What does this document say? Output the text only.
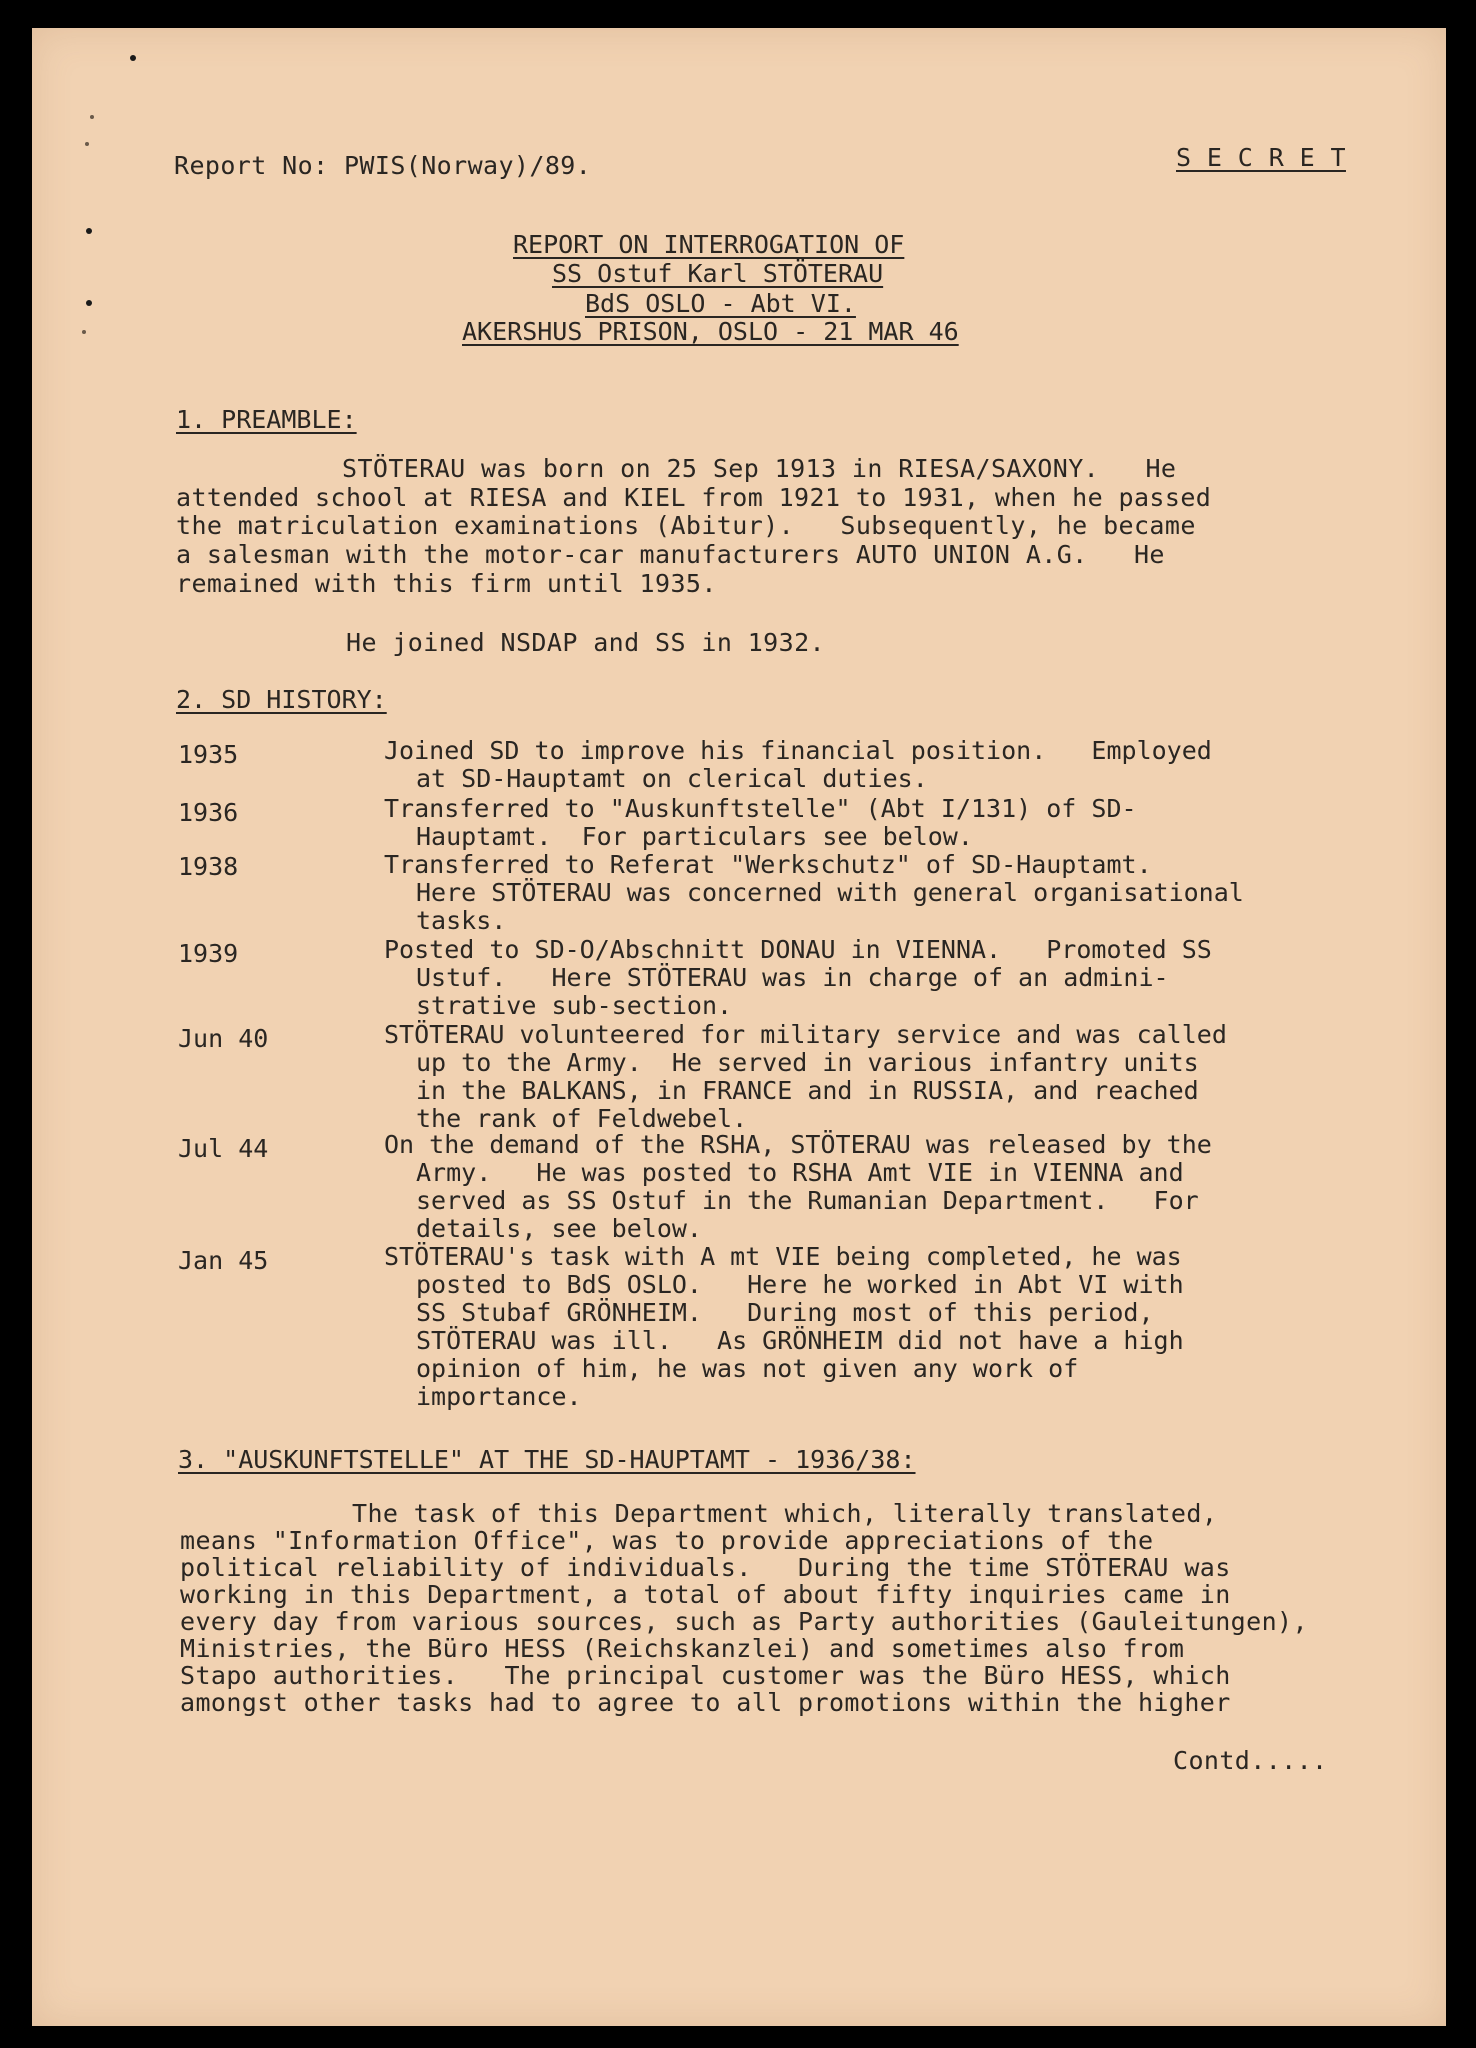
Report No: PWIS(Norway)/89.	S E C R E T
REPORT ON INTERROGATION OF
SS Ostuf Karl STÖTERAU
BdS OSLO - Abt VI.
AKERSHUS PRISON, OSLO - 21 MAR 46
1. PREAMBLE:
STÖTERAU was born on 25 Sep 1913 in RIESA/SAXONY.   He
attended school at RIESA and KIEL from 1921 to 1931, when he passed
the matriculation examinations (Abitur).   Subsequently, he became
a salesman with the motor-car manufacturers AUTO UNION A.G.   He
remained with this firm until 1935.
He joined NSDAP and SS in 1932.
2. SD HISTORY:
1935	Joined SD to improve his financial position.   Employed
at SD-Hauptamt on clerical duties.
1936	Transferred to "Auskunftstelle" (Abt I/131) of SD-
Hauptamt.  For particulars see below.
1938	Transferred to Referat "Werkschutz" of SD-Hauptamt.
Here STÖTERAU was concerned with general organisational
tasks.
1939	Posted to SD-O/Abschnitt DONAU in VIENNA.   Promoted SS
Ustuf.   Here STÖTERAU was in charge of an admini-
strative sub-section.
Jun 40	STÖTERAU volunteered for military service and was called
up to the Army.  He served in various infantry units
in the BALKANS, in FRANCE and in RUSSIA, and reached
the rank of Feldwebel.
Jul 44	On the demand of the RSHA, STÖTERAU was released by the
Army.   He was posted to RSHA Amt VIE in VIENNA and
served as SS Ostuf in the Rumanian Department.   For
details, see below.
Jan 45	STÖTERAU's task with A mt VIE being completed, he was
posted to BdS OSLO.   Here he worked in Abt VI with
SS Stubaf GRÖNHEIM.   During most of this period,
STÖTERAU was ill.   As GRÖNHEIM did not have a high
opinion of him, he was not given any work of
importance.
3. "AUSKUNFTSTELLE" AT THE SD-HAUPTAMT - 1936/38:
The task of this Department which, literally translated,
means "Information Office", was to provide appreciations of the
political reliability of individuals.   During the time STÖTERAU was
working in this Department, a total of about fifty inquiries came in
every day from various sources, such as Party authorities (Gauleitungen),
Ministries, the Büro HESS (Reichskanzlei) and sometimes also from
Stapo authorities.   The principal customer was the Büro HESS, which
amongst other tasks had to agree to all promotions within the higher
Contd.....
